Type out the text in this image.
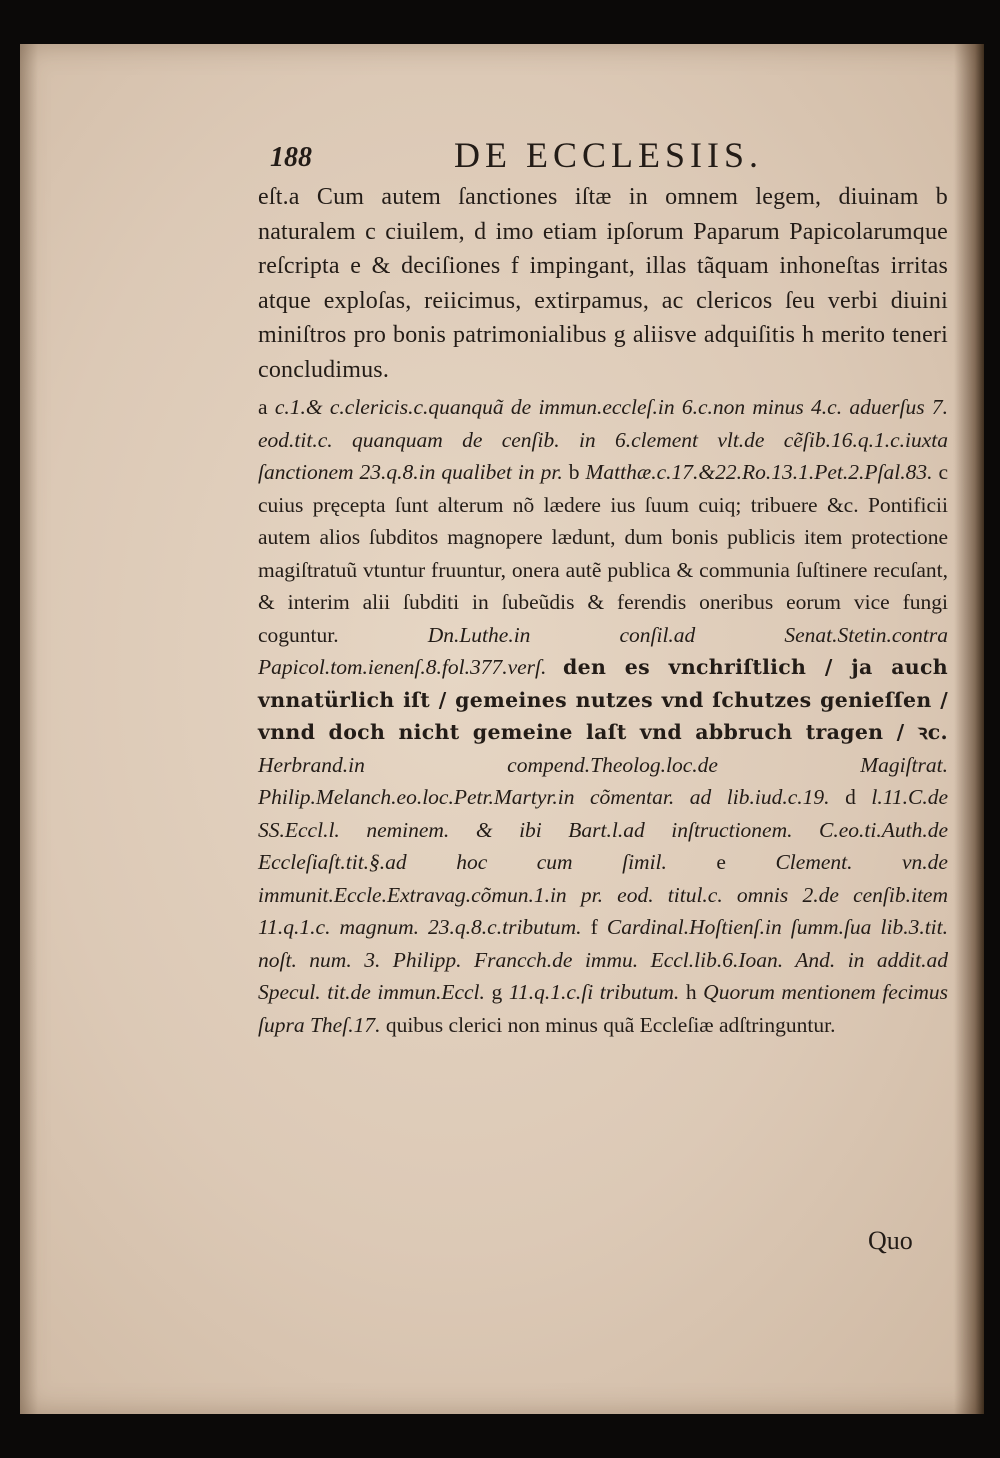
188	DE ECCLESIIS.

eſt.a Cum autem ſanctiones iſtæ in omnem legem, diuinam b naturalem c ciuilem, d imo etiam ipſorum Paparum Papicolarumque reſcripta e & deciſiones f impingant, illas tãquam inhoneſtas irritas atque exploſas, reiicimus, extirpamus, ac clericos ſeu verbi diuini miniſtros pro bonis patrimonialibus g aliisve adquiſitis h merito teneri concludimus.

a c.1.& c.clericis.c.quanquã de immun.eccleſ.in 6.c.non minus 4.c. aduerſus 7. eod.tit.c. quanquam de cenſib. in 6.clement vlt.de cẽſib.16.q.1.c.iuxta ſanctionem 23.q.8.in qualibet in pr. b Matthæ.c.17.&22.Ro.13.1.Pet.2.Pſal.83. c cuius pręcepta ſunt alterum nõ lædere ius ſuum cuiq; tribuere &c. Pontificii autem alios ſubditos magnopere lædunt, dum bonis publicis item protectione magiſtratuũ vtuntur fruuntur, onera autẽ publica & communia ſuſtinere recuſant, & interim alii ſubditi in ſubeũdis & ferendis oneribus eorum vice fungi coguntur. Dn.Luthe.in conſil.ad Senat.Stetin.contra Papicol.tom.ienenſ.8.fol.377.verſ. den es vnchriſtlich / ja auch vnnatürlich iſt / gemeines nutzes vnd ſchutzes genieſſen / vnnd doch nicht gemeine laſt vnd abbruch tragen / ꝛc. Herbrand.in compend.Theolog.loc.de Magiſtrat. Philip.Melanch.eo.loc.Petr.Martyr.in cõmentar. ad lib.iud.c.19. d l.11.C.de SS.Eccl.l. neminem. & ibi Bart.l.ad inſtructionem. C.eo.ti.Auth.de Eccleſiaſt.tit.§.ad hoc cum ſimil. e Clement. vn.de immunit.Eccle.Extravag.cõmun.1.in pr. eod. titul.c. omnis 2.de cenſib.item 11.q.1.c. magnum. 23.q.8.c.tributum. f Cardinal.Hoſtienſ.in ſumm.ſua lib.3.tit. noſt. num. 3. Philipp. Francch.de immu. Eccl.lib.6.Ioan. And. in addit.ad Specul. tit.de immun.Eccl. g 11.q.1.c.ſi tributum. h Quorum mentionem fecimus ſupra Theſ.17. quibus clerici non minus quã Eccleſiæ adſtringuntur.

Quo
